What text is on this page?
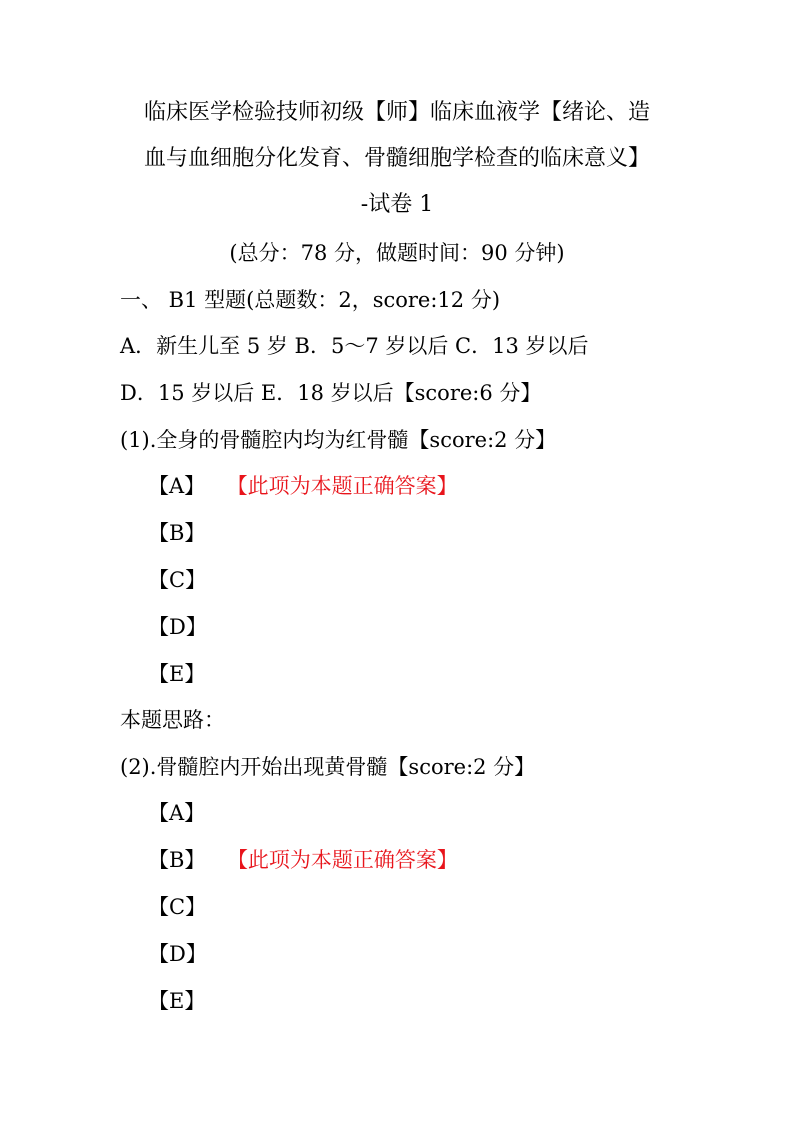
临床医学检验技师初级【师】临床血液学【绪论、造
血与血细胞分化发育、骨髓细胞学检查的临床意义】
-试卷 1
(总分：78 分，做题时间：90 分钟)
一、 B1 型题(总题数：2，score:12 分)
A．新生儿至 5 岁 B．5～7 岁以后 C．13 岁以后
D．15 岁以后 E．18 岁以后【score:6 分】
(1).全身的骨髓腔内均为红骨髓【score:2 分】
【A】 【此项为本题正确答案】
【B】
【C】
【D】
【E】
本题思路：
(2).骨髓腔内开始出现黄骨髓【score:2 分】
【A】
【B】 【此项为本题正确答案】
【C】
【D】
【E】
